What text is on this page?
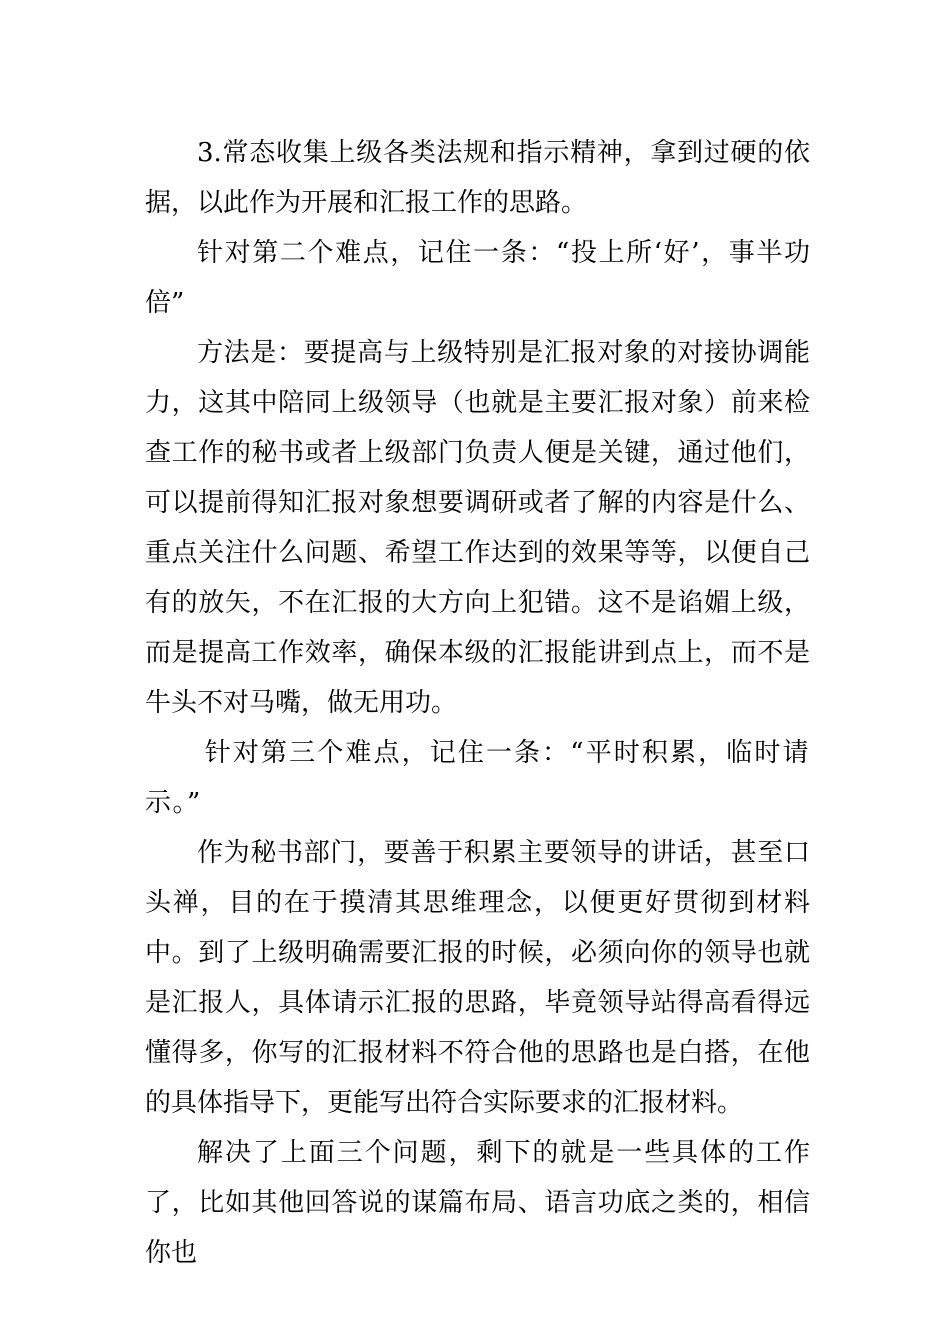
3.常态收集上级各类法规和指示精神，拿到过硬的依据，以此作为开展和汇报工作的思路。

针对第二个难点，记住一条：“投上所‘好’，事半功倍”

方法是：要提高与上级特别是汇报对象的对接协调能力，这其中陪同上级领导（也就是主要汇报对象）前来检查工作的秘书或者上级部门负责人便是关键，通过他们，可以提前得知汇报对象想要调研或者了解的内容是什么、重点关注什么问题、希望工作达到的效果等等，以便自己有的放矢，不在汇报的大方向上犯错。这不是谄媚上级，而是提高工作效率，确保本级的汇报能讲到点上，而不是牛头不对马嘴，做无用功。

针对第三个难点，记住一条：“平时积累，临时请示。”

作为秘书部门，要善于积累主要领导的讲话，甚至口头禅，目的在于摸清其思维理念，以便更好贯彻到材料中。到了上级明确需要汇报的时候，必须向你的领导也就是汇报人，具体请示汇报的思路，毕竟领导站得高看得远懂得多，你写的汇报材料不符合他的思路也是白搭，在他的具体指导下，更能写出符合实际要求的汇报材料。

解决了上面三个问题，剩下的就是一些具体的工作了，比如其他回答说的谋篇布局、语言功底之类的，相信你也
